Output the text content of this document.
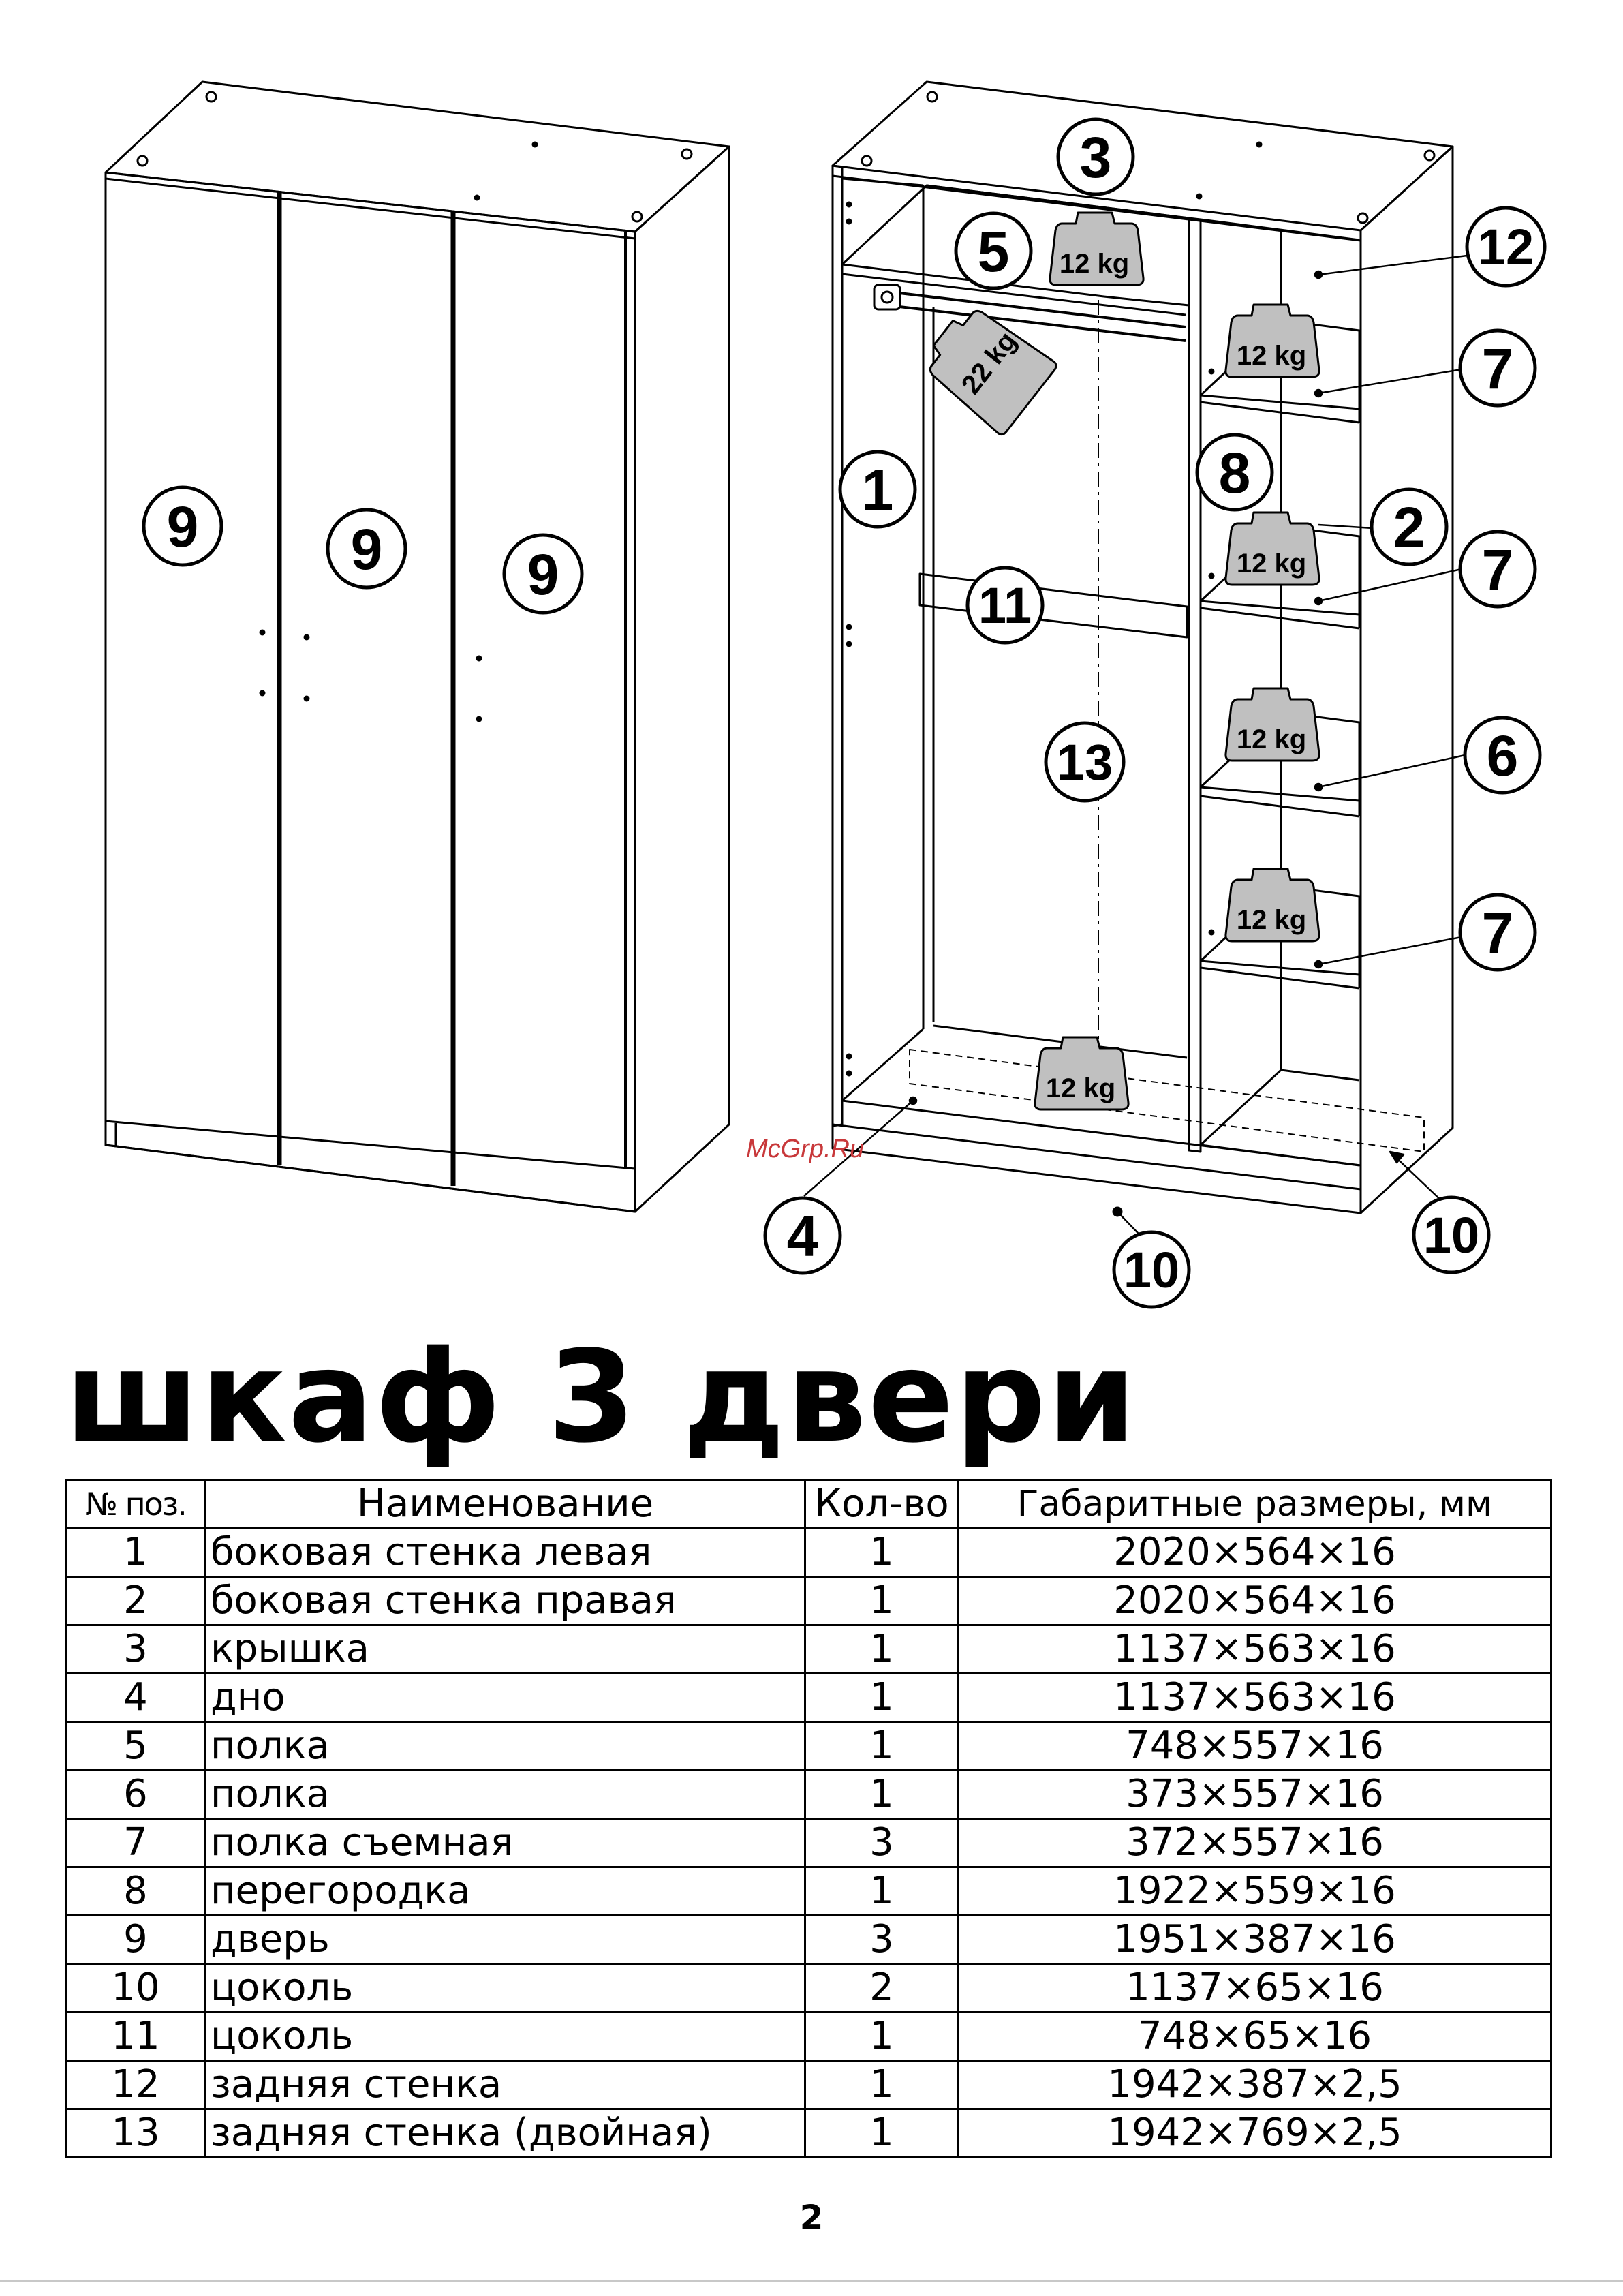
12 kg
12 kg
12 kg
12 kg
12 kg
12 kg
22 kg
9	9	9
3
5	12
7
1	8
2
7
11
13	6
7
4
10
10
McGrp.Ru
шкаф 3 двери
№ поз.	Наименование	Кол-во	Габаритные размеры, мм
1	боковая стенка левая	1	2020×564×16
2	боковая стенка правая	1	2020×564×16
3	крышка	1	1137×563×16
4	дно	1	1137×563×16
5	полка	1	748×557×16
6	полка	1	373×557×16
7	полка съемная	3	372×557×16
8	перегородка	1	1922×559×16
9	дверь	3	1951×387×16
10	цоколь	2	1137×65×16
11	цоколь	1	748×65×16
12	задняя стенка	1	1942×387×2,5
13	задняя стенка (двойная)	1	1942×769×2,5
2
